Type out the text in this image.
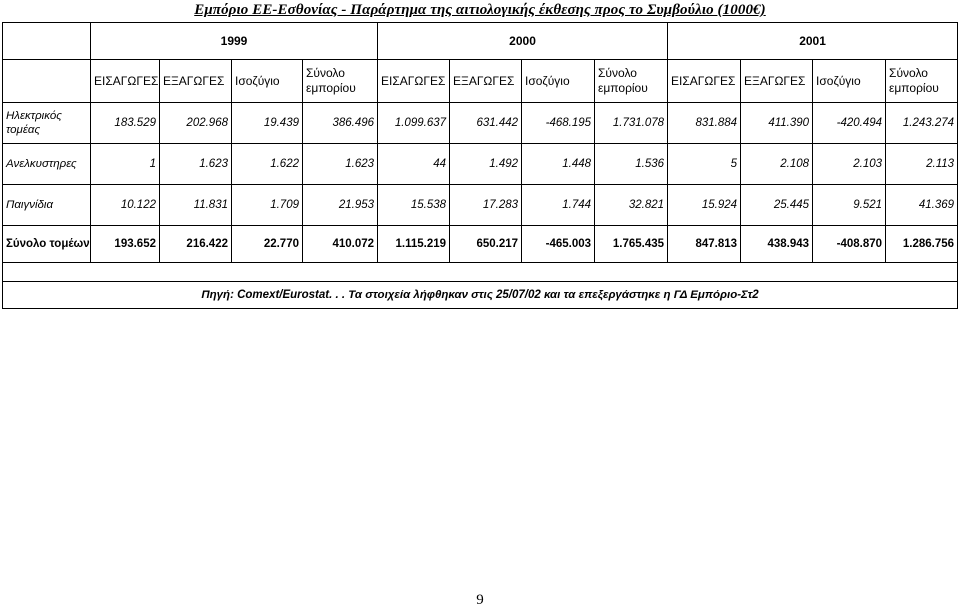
Εμπόριο ΕΕ-Εσθονίας - Παράρτημα της αιτιολογικής έκθεσης προς το Συμβούλιο (1000€)
	1999				2000				2001			
	ΕΙΣΑΓΩΓΕΣ	ΕΞΑΓΩΓΕΣ	Ισοζύγιο	Σύνολο εμπορίου	ΕΙΣΑΓΩΓΕΣ	ΕΞΑΓΩΓΕΣ	Ισοζύγιο	Σύνολο εμπορίου	ΕΙΣΑΓΩΓΕΣ	ΕΞΑΓΩΓΕΣ	Ισοζύγιο	Σύνολο εμπορίου
Ηλεκτρικός τομέας	183.529	202.968	19.439	386.496	1.099.637	631.442	-468.195	1.731.078	831.884	411.390	-420.494	1.243.274
Ανελκυστηρες	1	1.623	1.622	1.623	44	1.492	1.448	1.536	5	2.108	2.103	2.113
Παιγνίδια	10.122	11.831	1.709	21.953	15.538	17.283	1.744	32.821	15.924	25.445	9.521	41.369
Σύνολο τομέων	193.652	216.422	22.770	410.072	1.115.219	650.217	-465.003	1.765.435	847.813	438.943	-408.870	1.286.756

Πηγή: Comext/Eurostat. . . Τα στοιχεία λήφθηκαν στις 25/07/02 και τα επεξεργάστηκε η ΓΔ Εμπόριο-Στ2												
9
